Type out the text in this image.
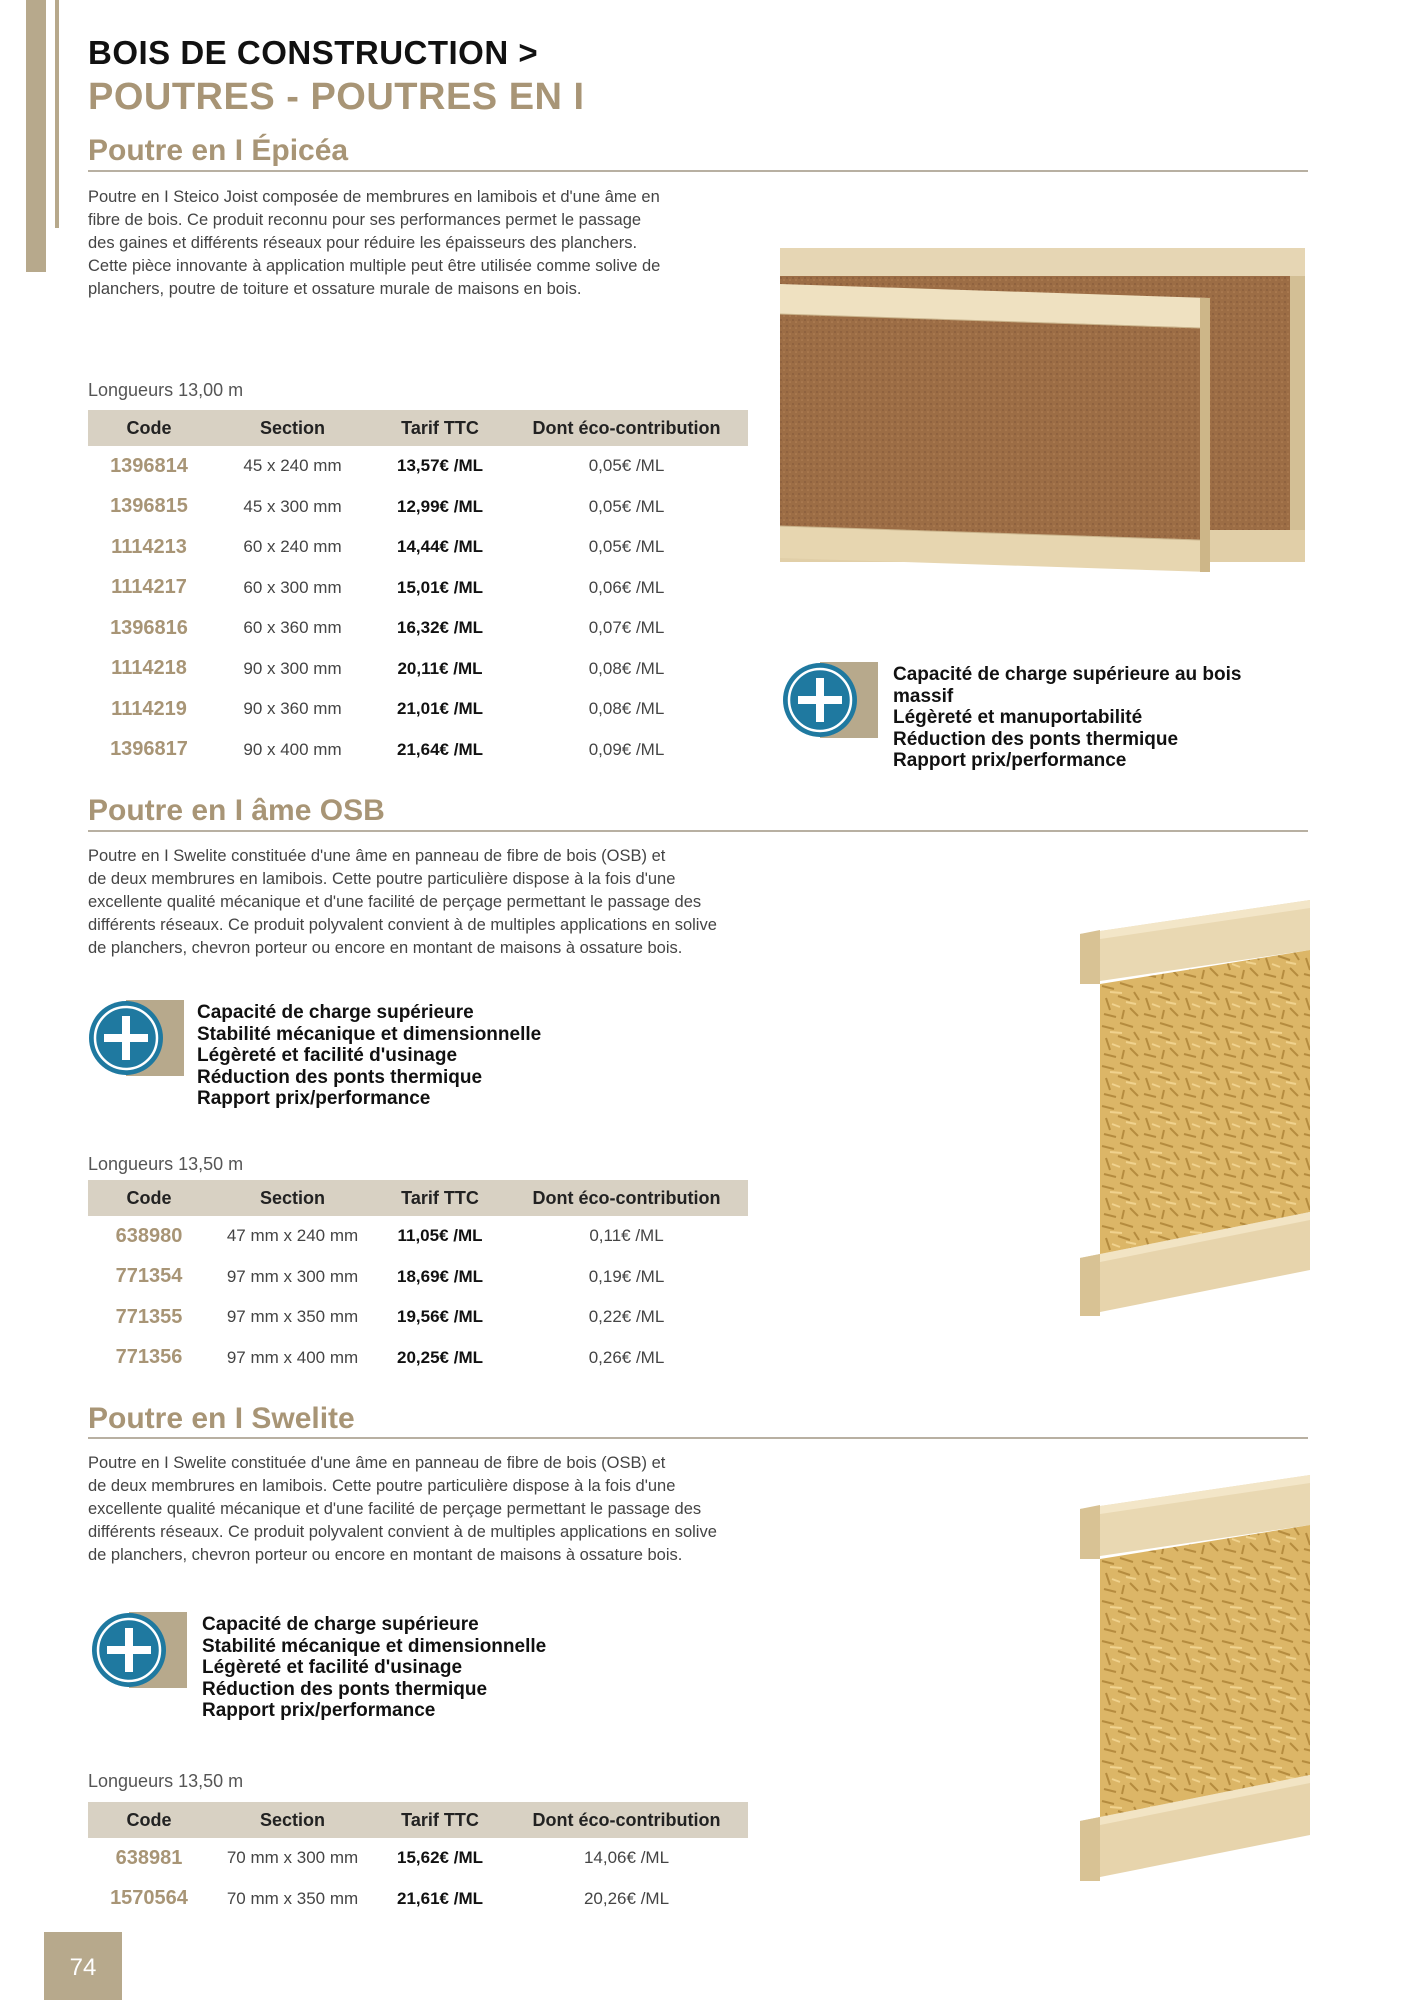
BOIS DE CONSTRUCTION >
POUTRES - POUTRES EN I
Poutre en I Épicéa

Poutre en I Steico Joist composée de membrures en lamibois et d'une âme en

fibre de bois. Ce produit reconnu pour ses performances permet le passage

des gaines et différents réseaux pour réduire les épaisseurs des planchers.

Cette pièce innovante à application multiple peut être utilisée comme solive de

planchers, poutre de toiture et ossature murale de maisons en bois.

Longueurs 13,00 m
Code	Section	Tarif TTC	Dont éco-contribution
1396814	45 x 240 mm	13,57€ /ML	0,05€ /ML
1396815	45 x 300 mm	12,99€ /ML	0,05€ /ML
1114213	60 x 240 mm	14,44€ /ML	0,05€ /ML
1114217	60 x 300 mm	15,01€ /ML	0,06€ /ML
1396816	60 x 360 mm	16,32€ /ML	0,07€ /ML
1114218	90 x 300 mm	20,11€ /ML	0,08€ /ML
1114219	90 x 360 mm	21,01€ /ML	0,08€ /ML
1396817	90 x 400 mm	21,64€ /ML	0,09€ /ML
Capacité de charge supérieure au bois
massif
Légèreté et manuportabilité
Réduction des ponts thermique
Rapport prix/performance
Poutre en I âme OSB

Poutre en I Swelite constituée d'une âme en panneau de fibre de bois (OSB) et

de deux membrures en lamibois. Cette poutre particulière dispose à la fois d'une

excellente qualité mécanique et d'une facilité de perçage permettant le passage des

différents réseaux. Ce produit polyvalent convient à de multiples applications en solive

de planchers, chevron porteur ou encore en montant de maisons à ossature bois.

Capacité de charge supérieure
Stabilité mécanique et dimensionnelle
Légèreté et facilité d'usinage
Réduction des ponts thermique
Rapport prix/performance
Longueurs 13,50 m
Code	Section	Tarif TTC	Dont éco-contribution
638980	47 mm x 240 mm	11,05€ /ML	0,11€ /ML
771354	97 mm x 300 mm	18,69€ /ML	0,19€ /ML
771355	97 mm x 350 mm	19,56€ /ML	0,22€ /ML
771356	97 mm x 400 mm	20,25€ /ML	0,26€ /ML
Poutre en I Swelite

Poutre en I Swelite constituée d'une âme en panneau de fibre de bois (OSB) et

de deux membrures en lamibois. Cette poutre particulière dispose à la fois d'une

excellente qualité mécanique et d'une facilité de perçage permettant le passage des

différents réseaux. Ce produit polyvalent convient à de multiples applications en solive

de planchers, chevron porteur ou encore en montant de maisons à ossature bois.

Capacité de charge supérieure
Stabilité mécanique et dimensionnelle
Légèreté et facilité d'usinage
Réduction des ponts thermique
Rapport prix/performance
Longueurs 13,50 m
Code	Section	Tarif TTC	Dont éco-contribution
638981	70 mm x 300 mm	15,62€ /ML	14,06€ /ML
1570564	70 mm x 350 mm	21,61€ /ML	20,26€ /ML
74
